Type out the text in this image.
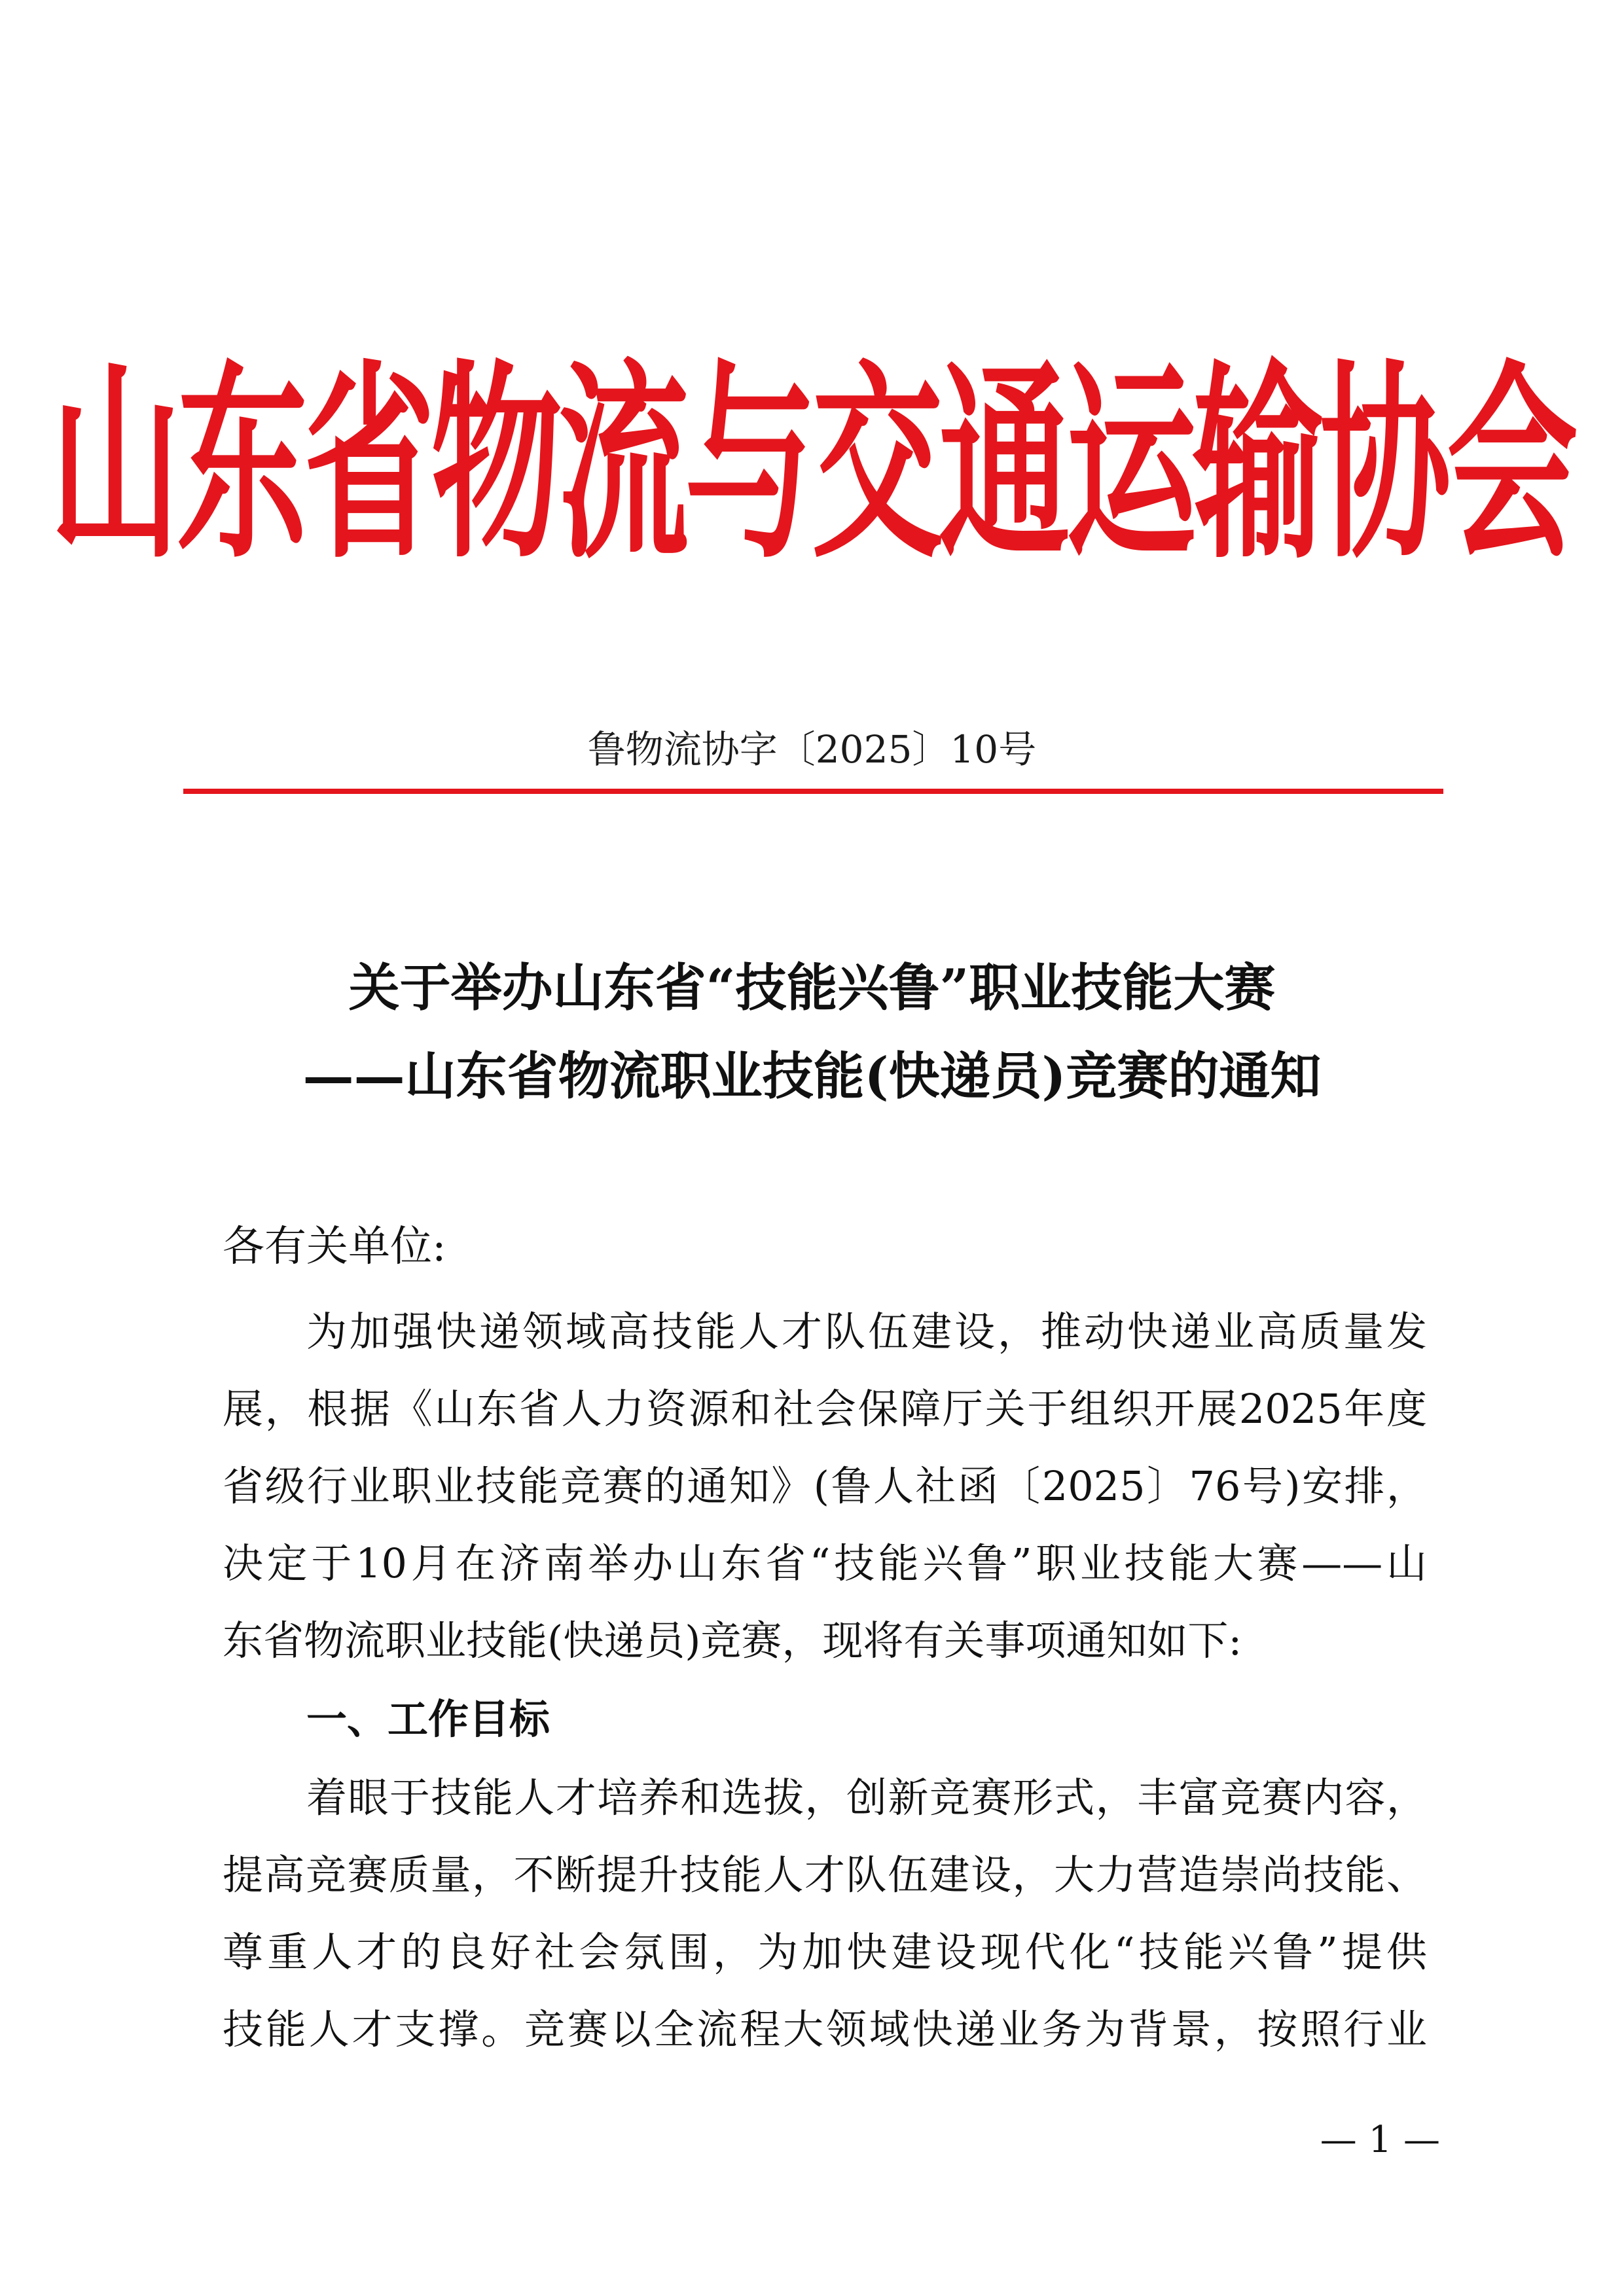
山东省物流与交通运输协会
鲁物流协字〔2025〕10号
关于举办山东省“技能兴鲁”职业技能大赛
——山东省物流职业技能(快递员)竞赛的通知
各有关单位:
为加强快递领域高技能人才队伍建设，推动快递业高质量发
展，根据《山东省人力资源和社会保障厅关于组织开展2025年度
省级行业职业技能竞赛的通知》(鲁人社函〔2025〕76号)安排，
决定于10月在济南举办山东省“技能兴鲁”职业技能大赛——山
东省物流职业技能(快递员)竞赛，现将有关事项通知如下:
一、工作目标
着眼于技能人才培养和选拔，创新竞赛形式，丰富竞赛内容，
提高竞赛质量，不断提升技能人才队伍建设，大力营造崇尚技能、
尊重人才的良好社会氛围，为加快建设现代化“技能兴鲁”提供
技能人才支撑。竞赛以全流程大领域快递业务为背景，按照行业
— 1 —
